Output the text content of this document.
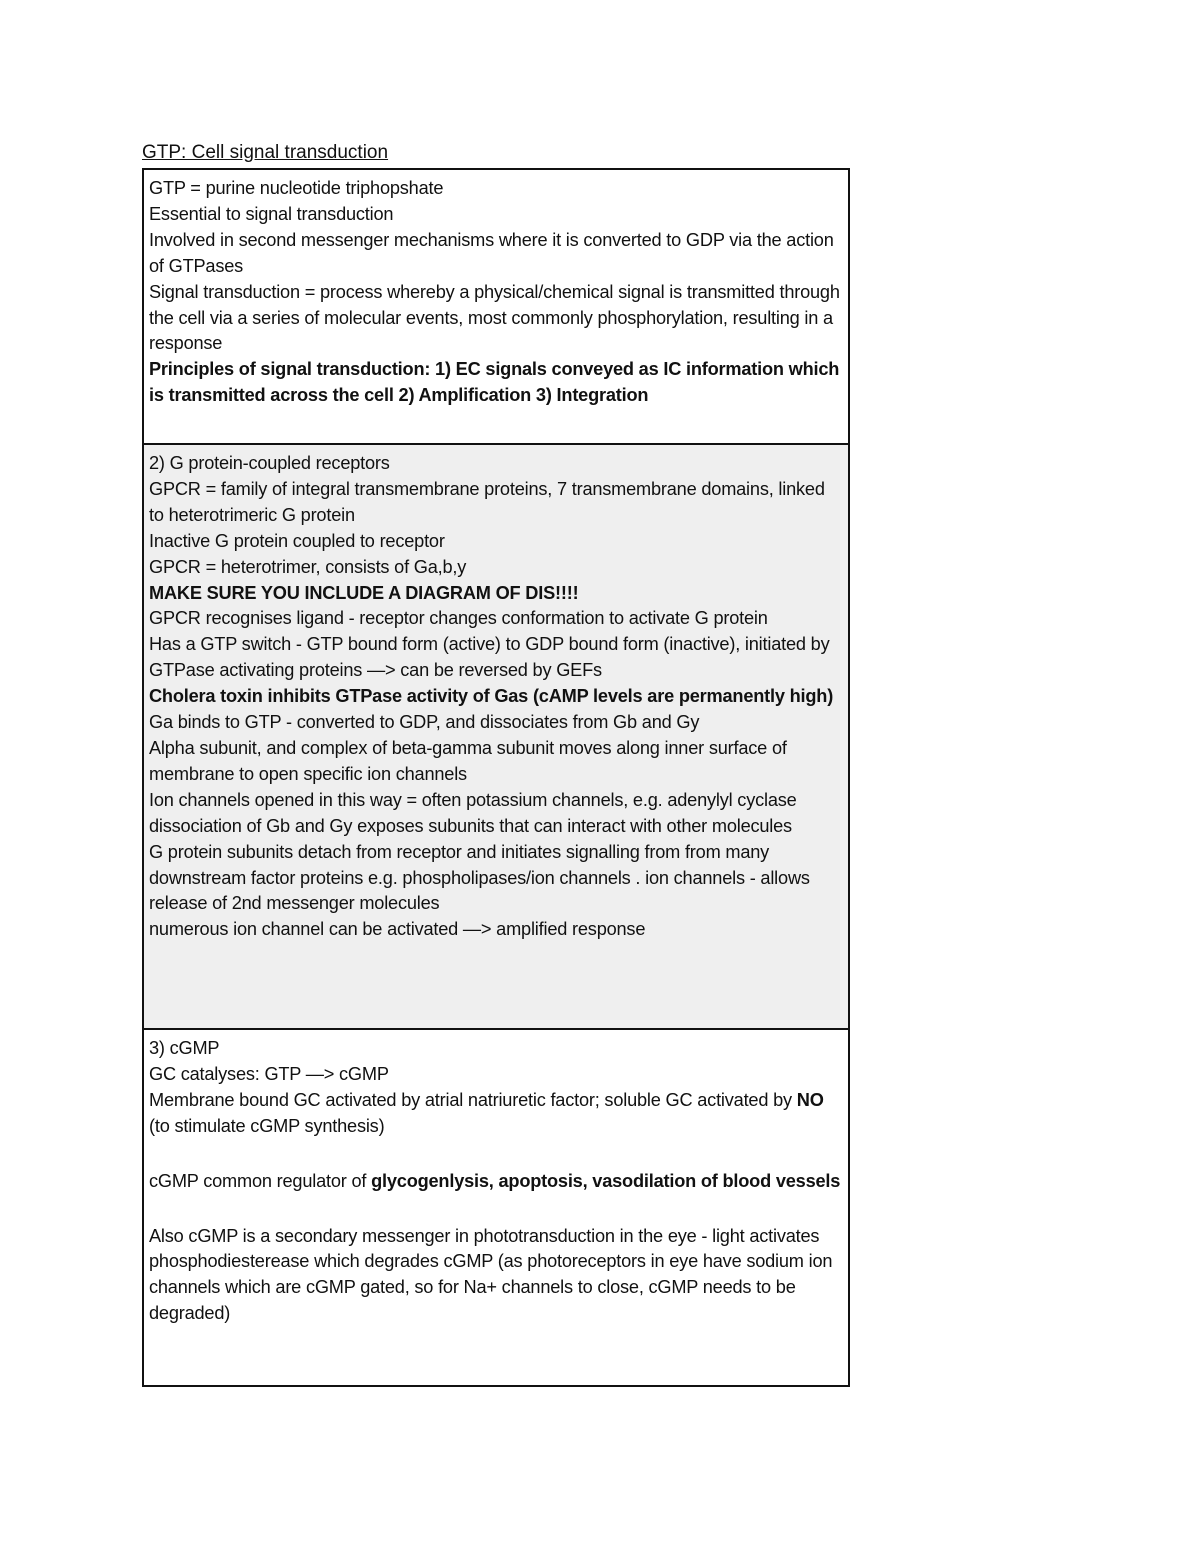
GTP: Cell signal transduction

GTP = purine nucleotide triphopshate

Essential to signal transduction

Involved in second messenger mechanisms where it is converted to GDP via the action of GTPases

Signal transduction = process whereby a physical/chemical signal is transmitted through the cell via a series of molecular events, most commonly phosphorylation, resulting in a response

Principles of signal transduction: 1) EC signals conveyed as IC information which is transmitted across the cell 2) Amplification 3) Integration

2) G protein-coupled receptors

GPCR = family of integral transmembrane proteins, 7 transmembrane domains, linked to heterotrimeric G protein

Inactive G protein coupled to receptor

GPCR = heterotrimer, consists of Ga,b,y

MAKE SURE YOU INCLUDE A DIAGRAM OF DIS!!!!

GPCR recognises ligand - receptor changes conformation to activate G protein

Has a GTP switch - GTP bound form (active) to GDP bound form (inactive), initiated by GTPase activating proteins —> can be reversed by GEFs

Cholera toxin inhibits GTPase activity of Gas (cAMP levels are permanently high)

Ga binds to GTP - converted to GDP, and dissociates from Gb and Gy

Alpha subunit, and complex of beta-gamma subunit moves along inner surface of membrane to open specific ion channels

Ion channels opened in this way = often potassium channels, e.g. adenylyl cyclase

dissociation of Gb and Gy exposes subunits that can interact with other molecules

G protein subunits detach from receptor and initiates signalling from from many downstream factor proteins e.g. phospholipases/ion channels . ion channels - allows release of 2nd messenger molecules

numerous ion channel can be activated —> amplified response

3) cGMP

GC catalyses: GTP —> cGMP

Membrane bound GC activated by atrial natriuretic factor; soluble GC activated by NO (to stimulate cGMP synthesis)

cGMP common regulator of glycogenlysis, apoptosis, vasodilation of blood vessels

Also cGMP is a secondary messenger in phototransduction in the eye - light activates phosphodiesterease which degrades cGMP (as photoreceptors in eye have sodium ion channels which are cGMP gated, so for Na+ channels to close, cGMP needs to be degraded)
